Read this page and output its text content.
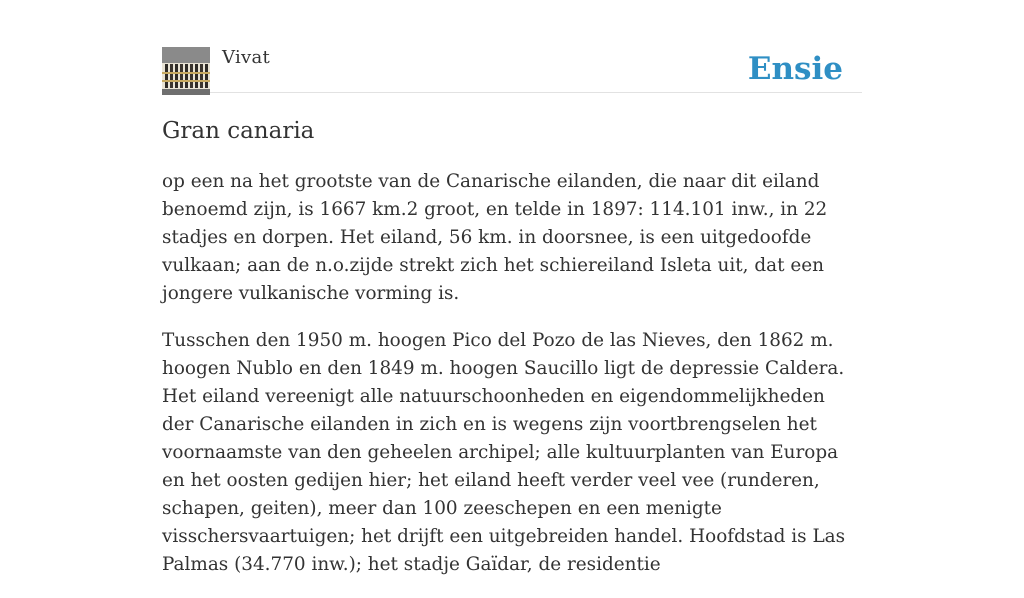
Vivat	Ensie
Gran canaria

op een na het grootste van de Canarische eilanden, die naar dit eiland benoemd zijn, is 1667 km.2 groot, en telde in 1897: 114.101 inw., in 22 stadjes en dorpen. Het eiland, 56 km. in doorsnee, is een uitgedoofde vulkaan; aan de n.o.zijde strekt zich het schiereiland Isleta uit, dat een jongere vulkanische vorming is.

Tusschen den 1950 m. hoogen Pico del Pozo de las Nieves, den 1862 m. hoogen Nublo en den 1849 m. hoogen Saucillo ligt de depressie Caldera. Het eiland vereenigt alle natuurschoonheden en eigendommelijkheden der Canarische eilanden in zich en is wegens zijn voortbrengselen het voornaamste van den geheelen archipel; alle kultuurplanten van Europa en het oosten gedijen hier; het eiland heeft verder veel vee (runderen, schapen, geiten), meer dan 100 zeeschepen en een menigte visschersvaartuigen; het drijft een uitgebreiden handel. Hoofdstad is Las Palmas (34.770 inw.); het stadje Gaïdar, de residentie
